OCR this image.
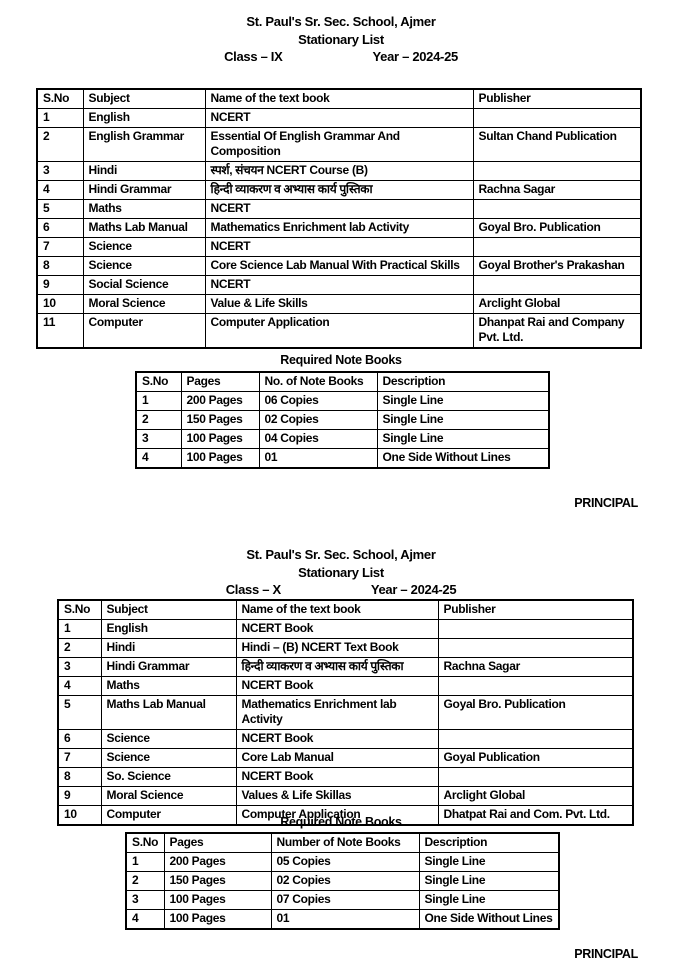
St. Paul's Sr. Sec. School, Ajmer
Stationary List
Class – IX	Year – 2024-25
S.No	Subject	Name of the text book	Publisher
1	English	NCERT	
2	English Grammar	Essential Of English Grammar And Composition	Sultan Chand Publication
3	Hindi	स्पर्श, संचयन NCERT Course (B)	
4	Hindi Grammar	हिन्दी व्याकरण व अभ्यास कार्य पुस्तिका	Rachna Sagar
5	Maths	NCERT	
6	Maths Lab Manual	Mathematics Enrichment lab Activity	Goyal Bro. Publication
7	Science	NCERT	
8	Science	Core Science Lab Manual With Practical Skills	Goyal Brother's Prakashan
9	Social Science	NCERT	
10	Moral Science	Value & Life Skills	Arclight Global
11	Computer	Computer Application	Dhanpat Rai and Company Pvt. Ltd.
Required Note Books
S.No	Pages	No. of Note Books	Description
1	200 Pages	06 Copies	Single Line
2	150 Pages	02 Copies	Single Line
3	100 Pages	04 Copies	Single Line
4	100 Pages	01	One Side Without Lines
PRINCIPAL
St. Paul's Sr. Sec. School, Ajmer
Stationary List
Class – X	Year – 2024-25
S.No	Subject	Name of the text book	Publisher
1	English	NCERT Book	
2	Hindi	Hindi – (B) NCERT Text Book	
3	Hindi Grammar	हिन्दी व्याकरण व अभ्यास कार्य पुस्तिका	Rachna Sagar
4	Maths	NCERT Book	
5	Maths Lab Manual	Mathematics Enrichment lab Activity	Goyal Bro. Publication
6	Science	NCERT Book	
7	Science	Core Lab Manual	Goyal Publication
8	So. Science	NCERT Book	
9	Moral Science	Values & Life Skillas	Arclight Global
10	Computer	Computer Application	Dhatpat Rai and Com. Pvt. Ltd.
Required Note Books
S.No	Pages	Number of Note Books	Description
1	200 Pages	05 Copies	Single Line
2	150 Pages	02 Copies	Single Line
3	100 Pages	07 Copies	Single Line
4	100 Pages	01	One Side Without Lines
PRINCIPAL
